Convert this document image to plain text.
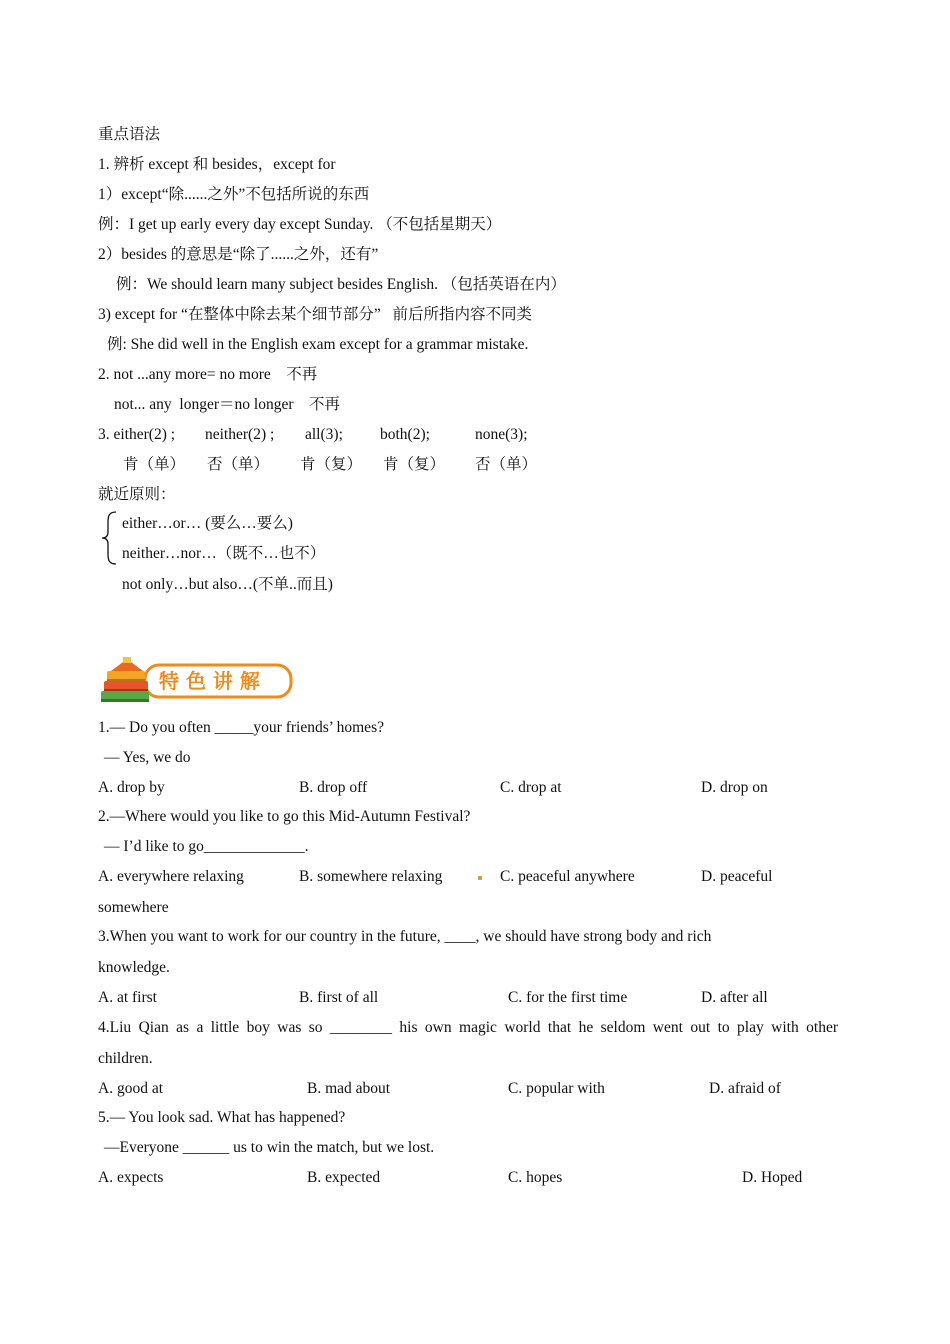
重点语法
1. 辨析 except 和 besides，except for
1）except“除......之外”不包括所说的东西
例：I get up early every day except Sunday. （不包括星期天）
2）besides 的意思是“除了......之外，还有”
例：We should learn many subject besides English. （包括英语在内）
3) except for “在整体中除去某个细节部分”   前后所指内容不同类
例: She did well in the English exam except for a grammar mistake.
2. not ...any more= no more    不再
not... any  longer＝no longer    不再
3. either(2) ; neither(2) ; all(3); both(2);	none(3);
肯（单） 否（单） 肯（复） 肯（复） 否（单）
就近原则：
either…or… (要么…要么)
neither…nor…（既不…也不）
not only…but also…(不单..而且)
特 色 讲 解
1.— Do you often _____your friends’ homes?
— Yes, we do
A. drop by	B. drop off	C. drop at	D. drop on
2.—Where would you like to go this Mid-Autumn Festival?
— I’d like to go_____________.
A. everywhere relaxing	B. somewhere relaxing	C. peaceful anywhere	D. peaceful
somewhere
3.When you want to work for our country in the future, ____, we should have strong body and rich
knowledge.
A. at first	B. first of all	C. for the first time	D. after all
4.Liu Qian as a little boy was so ________ his own magic world that he seldom went out to play with other
children.
A. good at	B. mad about	C. popular with	D. afraid of
5.— You look sad. What has happened?
—Everyone ______ us to win the match, but we lost.
A. expects	B. expected	C. hopes	D. Hoped
